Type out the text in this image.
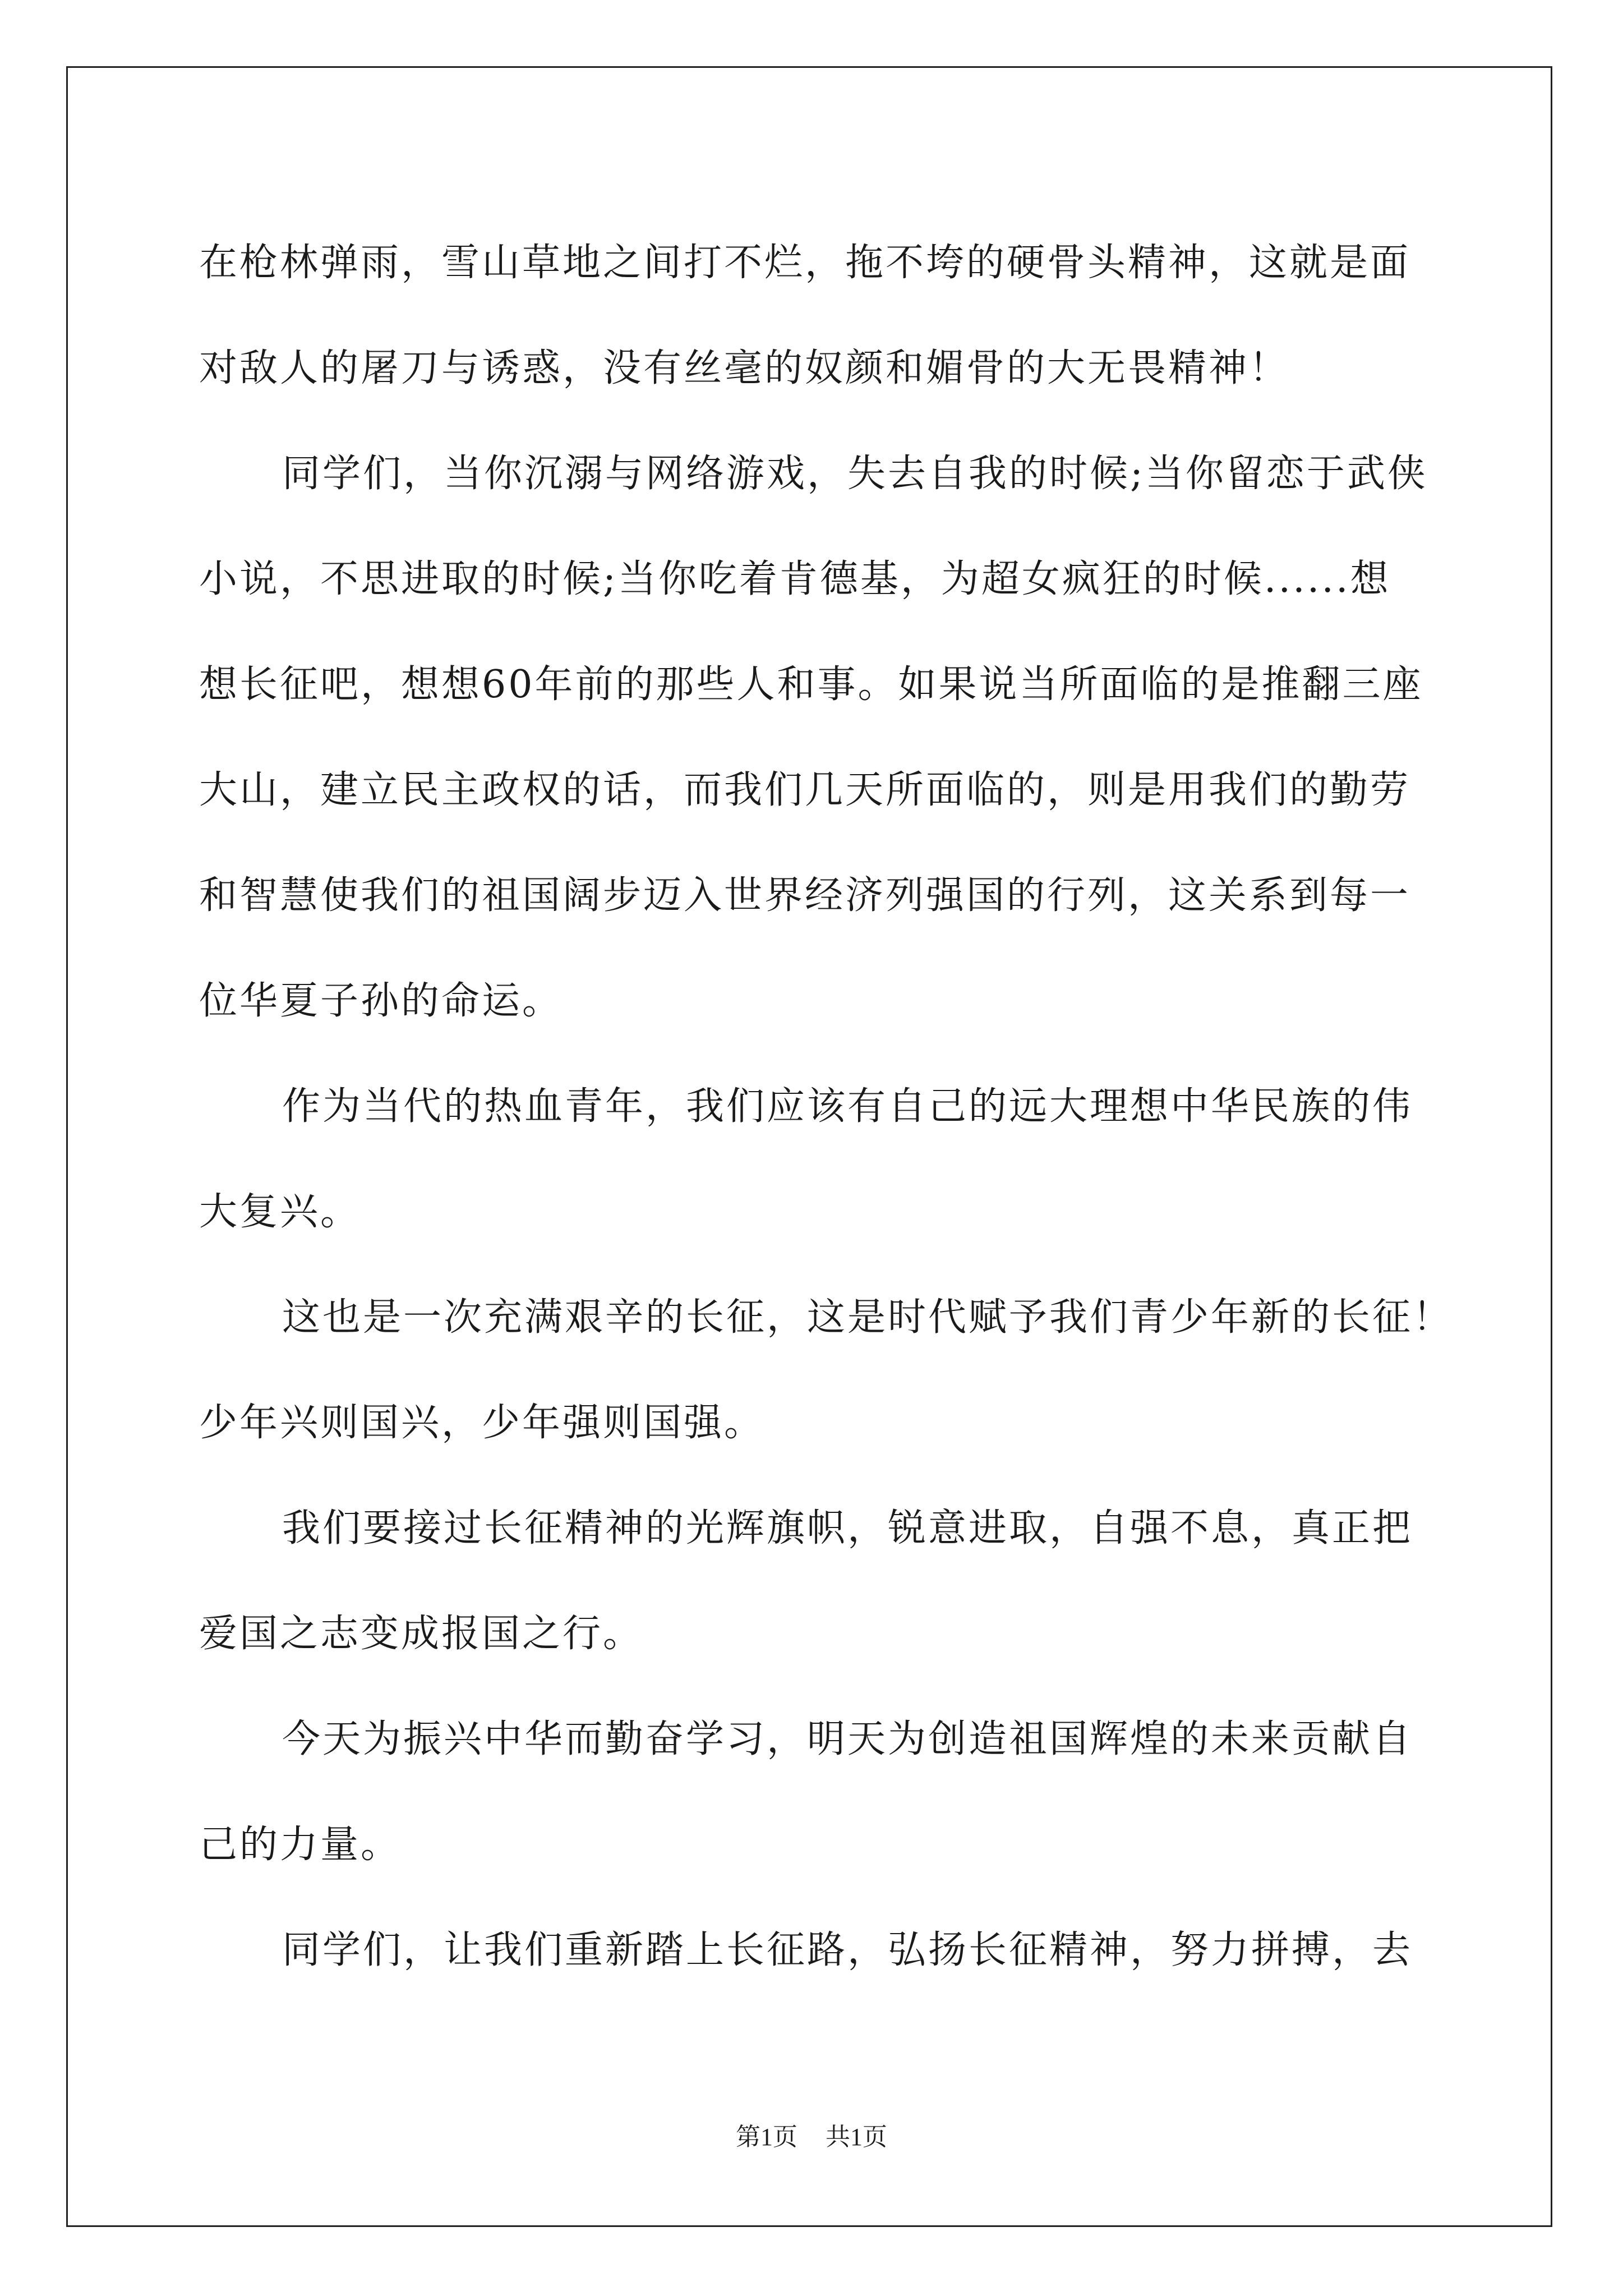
在枪林弹雨，雪山草地之间打不烂，拖不垮的硬骨头精神，这就是面
对敌人的屠刀与诱惑，没有丝毫的奴颜和媚骨的大无畏精神！
同学们，当你沉溺与网络游戏，失去自我的时候;当你留恋于武侠
小说，不思进取的时候;当你吃着肯德基，为超女疯狂的时候......想
想长征吧，想想60年前的那些人和事。如果说当所面临的是推翻三座
大山，建立民主政权的话，而我们几天所面临的，则是用我们的勤劳
和智慧使我们的祖国阔步迈入世界经济列强国的行列，这关系到每一
位华夏子孙的命运。
作为当代的热血青年，我们应该有自己的远大理想中华民族的伟
大复兴。
这也是一次充满艰辛的长征，这是时代赋予我们青少年新的长征！
少年兴则国兴，少年强则国强。
我们要接过长征精神的光辉旗帜，锐意进取，自强不息，真正把
爱国之志变成报国之行。
今天为振兴中华而勤奋学习，明天为创造祖国辉煌的未来贡献自
己的力量。
同学们，让我们重新踏上长征路，弘扬长征精神，努力拼搏，去
第1页 共1页
